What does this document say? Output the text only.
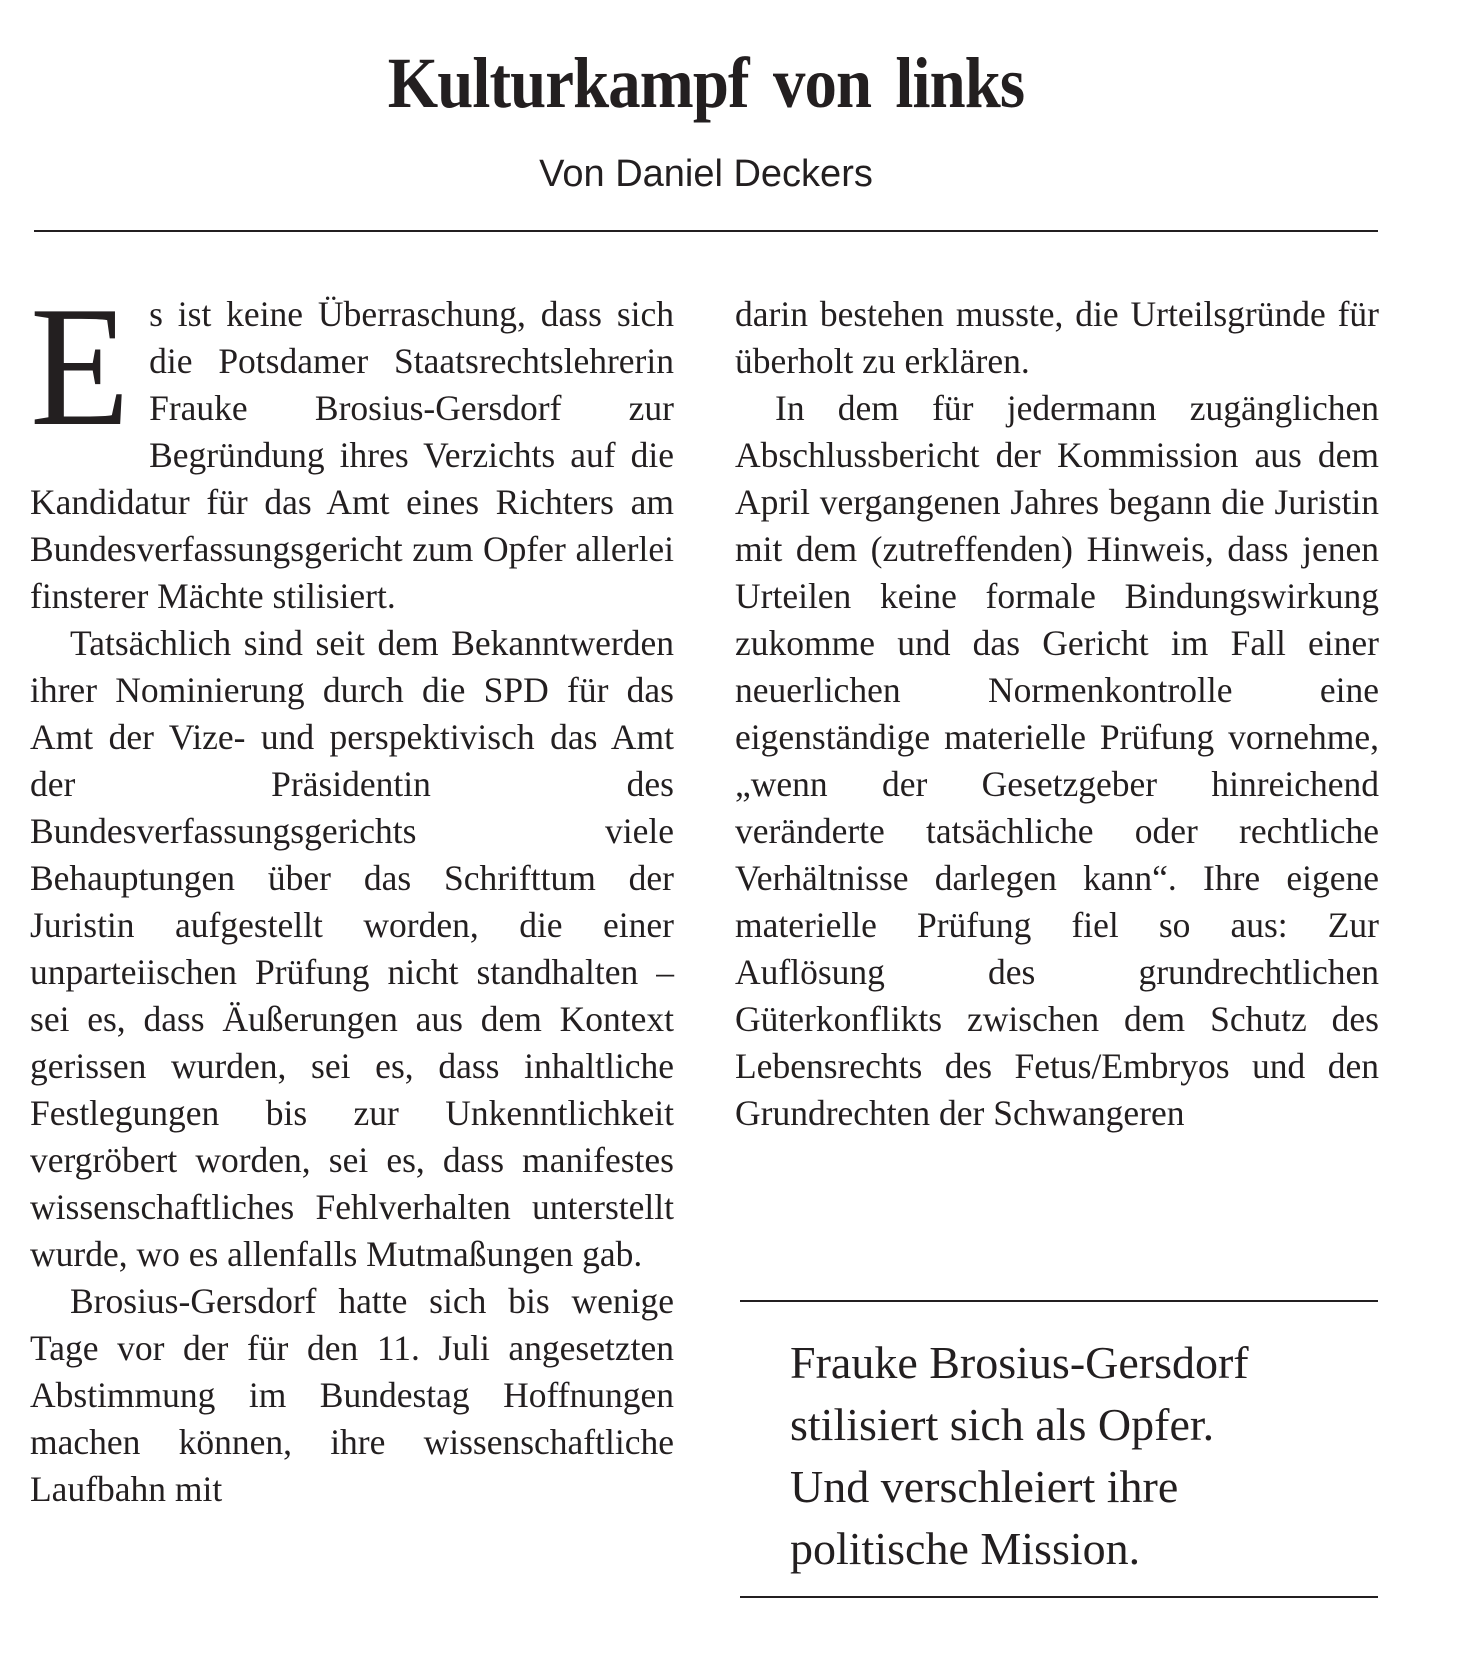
Kulturkampf von links
Von Daniel Deckers

Es ist keine Überraschung, dass sich die Potsdamer Staatsrechtslehrerin Frauke Brosius-Gersdorf zur Begründung ihres Verzichts auf die Kandidatur für das Amt eines Richters am Bundesverfassungsgericht zum Opfer allerlei finsterer Mächte stilisiert.

Tatsächlich sind seit dem Bekanntwerden ihrer Nominierung durch die SPD für das Amt der Vize- und perspektivisch das Amt der Präsidentin des Bundesverfassungsgerichts viele Behauptungen über das Schrifttum der Juristin aufgestellt worden, die einer unparteiischen Prüfung nicht standhalten – sei es, dass Äußerungen aus dem Kontext gerissen wurden, sei es, dass inhaltliche Festlegungen bis zur Unkenntlichkeit vergröbert worden, sei es, dass manifestes wissenschaftliches Fehlverhalten unterstellt wurde, wo es allenfalls Mutmaßungen gab.

Brosius-Gersdorf hatte sich bis wenige Tage vor der für den 11. Juli angesetzten Abstimmung im Bundestag Hoffnungen machen können, ihre wissenschaftliche Laufbahn mit

darin bestehen musste, die Urteilsgründe für überholt zu erklären.

In dem für jedermann zugänglichen Abschlussbericht der Kommission aus dem April vergangenen Jahres begann die Juristin mit dem (zutreffenden) Hinweis, dass jenen Urteilen keine formale Bindungswirkung zukomme und das Gericht im Fall einer neuerlichen Normenkontrolle eine eigenständige materielle Prüfung vornehme, „wenn der Gesetzgeber hinreichend veränderte tatsächliche oder rechtliche Verhältnisse darlegen kann“. Ihre eigene materielle Prüfung fiel so aus: Zur Auflösung des grundrechtlichen Güterkonflikts zwischen dem Schutz des Lebensrechts des Fetus/Embryos und den Grundrechten der Schwangeren

Frauke Brosius-Gersdorf
stilisiert sich als Opfer.
Und verschleiert ihre
politische Mission.
